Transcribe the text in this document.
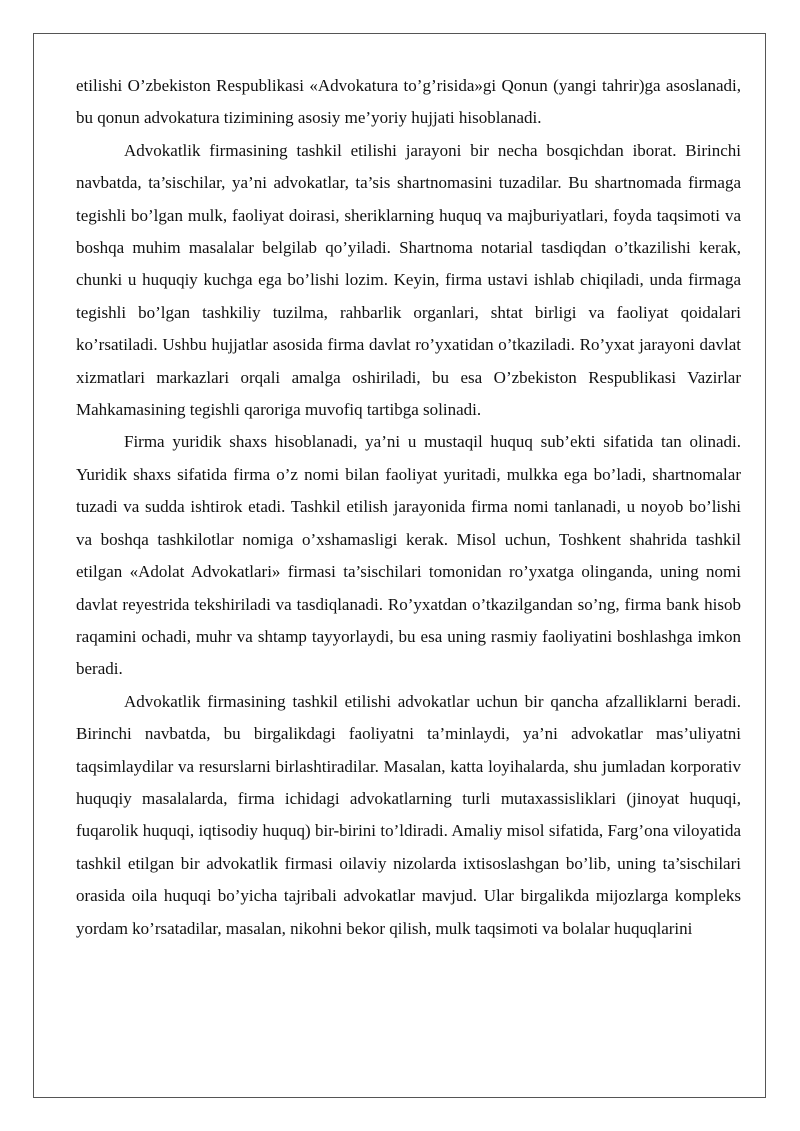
etilishi O’zbekiston Respublikasi «Advokatura to’g’risida»gi Qonun (yangi tahrir)ga asoslanadi, bu qonun advokatura tizimining asosiy me’yoriy hujjati hisoblanadi.

Advokatlik firmasining tashkil etilishi jarayoni bir necha bosqichdan iborat. Birinchi navbatda, ta’sischilar, ya’ni advokatlar, ta’sis shartnomasini tuzadilar. Bu shartnomada firmaga tegishli bo’lgan mulk, faoliyat doirasi, sheriklarning huquq va majburiyatlari, foyda taqsimoti va boshqa muhim masalalar belgilab qo’yiladi. Shartnoma notarial tasdiqdan o’tkazilishi kerak, chunki u huquqiy kuchga ega bo’lishi lozim. Keyin, firma ustavi ishlab chiqiladi, unda firmaga tegishli bo’lgan tashkiliy tuzilma, rahbarlik organlari, shtat birligi va faoliyat qoidalari ko’rsatiladi. Ushbu hujjatlar asosida firma davlat ro’yxatidan o’tkaziladi. Ro’yxat jarayoni davlat xizmatlari markazlari orqali amalga oshiriladi, bu esa O’zbekiston Respublikasi Vazirlar Mahkamasining tegishli qaroriga muvofiq tartibga solinadi.

Firma yuridik shaxs hisoblanadi, ya’ni u mustaqil huquq sub’ekti sifatida tan olinadi. Yuridik shaxs sifatida firma o’z nomi bilan faoliyat yuritadi, mulkka ega bo’ladi, shartnomalar tuzadi va sudda ishtirok etadi. Tashkil etilish jarayonida firma nomi tanlanadi, u noyob bo’lishi va boshqa tashkilotlar nomiga o’xshamasligi kerak. Misol uchun, Toshkent shahrida tashkil etilgan «Adolat Advokatlari» firmasi ta’sischilari tomonidan ro’yxatga olinganda, uning nomi davlat reyestrida tekshiriladi va tasdiqlanadi. Ro’yxatdan o’tkazilgandan so’ng, firma bank hisob raqamini ochadi, muhr va shtamp tayyorlaydi, bu esa uning rasmiy faoliyatini boshlashga imkon beradi.

Advokatlik firmasining tashkil etilishi advokatlar uchun bir qancha afzalliklarni beradi. Birinchi navbatda, bu birgalikdagi faoliyatni ta’minlaydi, ya’ni advokatlar mas’uliyatni taqsimlaydilar va resurslarni birlashtiradilar. Masalan, katta loyihalarda, shu jumladan korporativ huquqiy masalalarda, firma ichidagi advokatlarning turli mutaxassisliklari (jinoyat huquqi, fuqarolik huquqi, iqtisodiy huquq) bir-birini to’ldiradi. Amaliy misol sifatida, Farg’ona viloyatida tashkil etilgan bir advokatlik firmasi oilaviy nizolarda ixtisoslashgan bo’lib, uning ta’sischilari orasida oila huquqi bo’yicha tajribali advokatlar mavjud. Ular birgalikda mijozlarga kompleks yordam ko’rsatadilar, masalan, nikohni bekor qilish, mulk taqsimoti va bolalar huquqlarini
